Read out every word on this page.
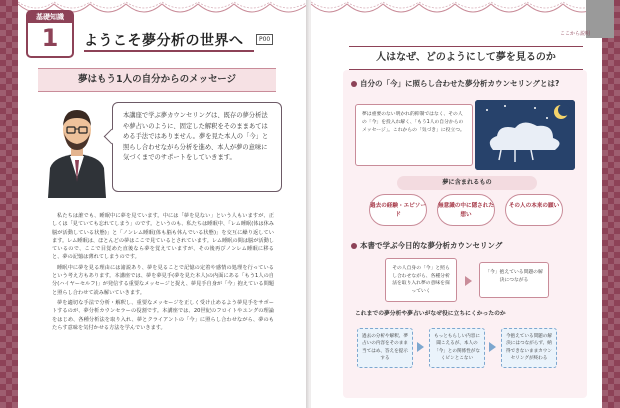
基礎知識
1	ようこそ夢分析の世界へ	P00
夢はもう1人の自分からのメッセージ
本講座で学ぶ夢カウンセリングは、既存の夢分析法や夢占いのように、固定した解釈をそのままあてはめる手法ではありません。夢を見た本人の「今」と照らし合わせながら分析を進め、本人が夢の意味に気づくまでのサポートをしていきます。

私たちは誰でも、睡眠中に夢を見ています。中には「夢を見ない」という人もいますが、正しくは「見ていても忘れてしまう」のです。というのも、私たちは睡眠中、「レム睡眠(体は休み脳が活動している状態)」と「ノンレム睡眠(体も脳も休んでいる状態)」を交互に繰り返しています。レム睡眠は、ほとんどの夢はここで見ているとされています。レム睡眠の間は脳が活動しているので、ここで目覚めた直後なら夢を覚えていますが、その後再びノンレム睡眠に移ると、夢の記憶は薄れてしまうのです。

睡眠中に夢を見る理由には諸説あり、夢を見ることで記憶の定着や感情の処理を行っているという考え方もあります。本講座では、夢を夢見手(夢を見た本人)の内面にある「もう1人の自分(ハイヤーセルフ)」が発信する重要なメッセージと捉え、夢見手自身が「今」抱えている問題と照らし合わせて読み解いていきます。

夢を適切な手法で分析・解釈し、重要なメッセージを正しく受け止めるよう夢見手をサポートするのが、夢分析カウンセラーの役割です。本講座では、20世紀のフロイトやユングの理論をはじめ、各種分析法を取り入れ、夢とクライアントの「今」に照らし合わせながら、夢のもたらす意味を気付かせる方法を学んでいきます。

ここから説明
人はなぜ、どのようにして夢を見るのか
自分の「今」に照らし合わせた夢分析カウンセリングとは?
夢は重要のない明かれ的抑制ではなく、その人の「今」を投入れ解く、「もう1人の自分からのメッセージ」。これからの「気づき」に役立つ。
夢に含まれるもの
過去の経験・エピソード
無意識の中に隠された想い
その人の本来の願い
本書で学ぶ今日的な夢分析カウンセリング
その人自身の「今」と照らし合わせながら、各種分析法を取り入れ夢の意味を探っていく
「今」抱えている問題の解決につながる
これまでの夢分析や夢占いがなぜ役に立ちにくかったのか
過去の分析や解釈、夢占いの内容をそのまま当てはめ、答えを提示する
もっともらしい内容に聞こえるが、本人の「今」との関係性がなくピンとこない
今抱えている問題の解決にはつながらず、納得できないままカウンセリングが終わる
